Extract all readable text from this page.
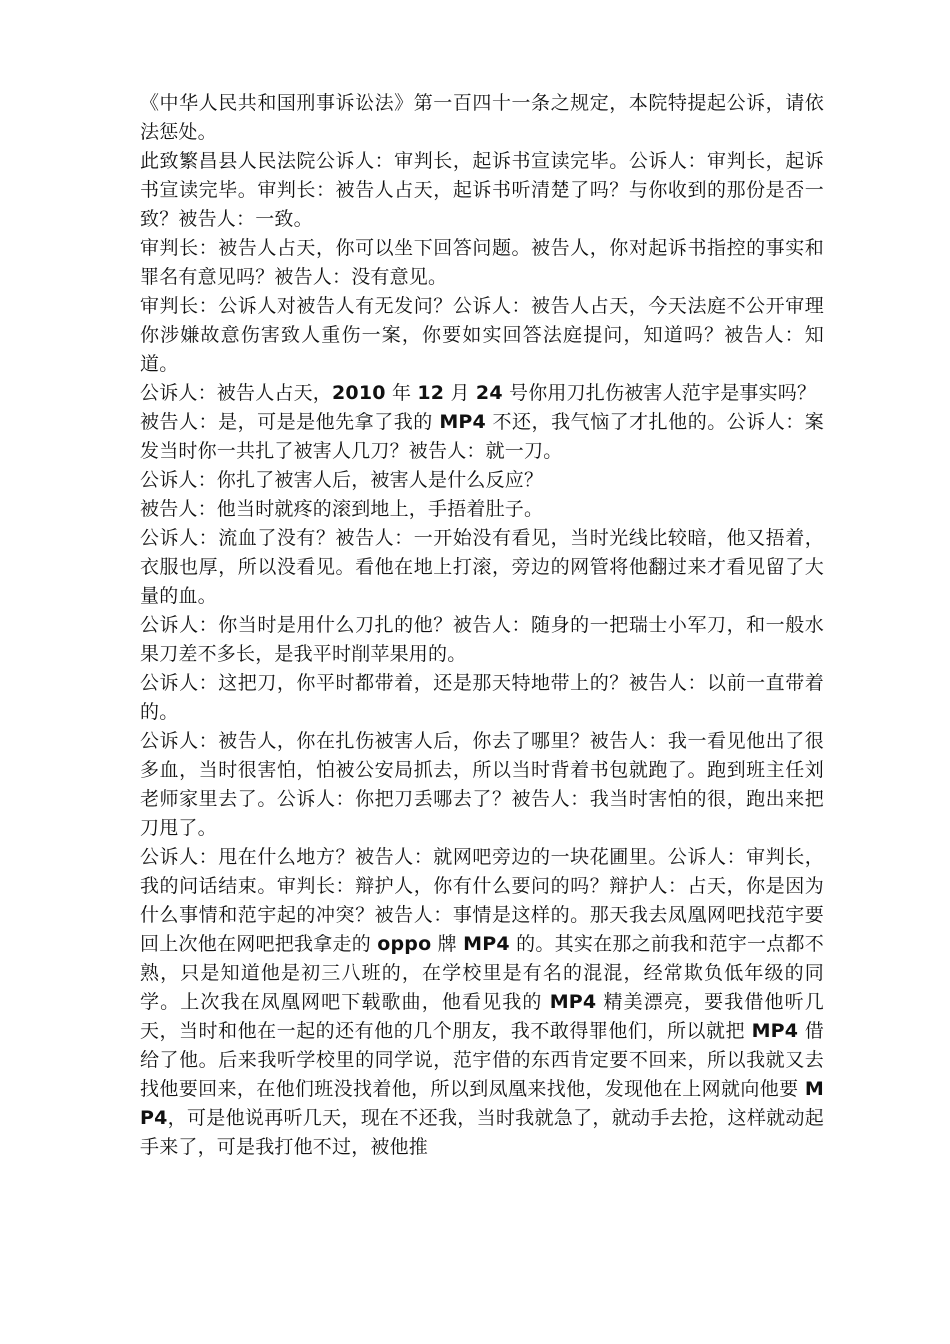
《中华人民共和国刑事诉讼法》第一百四十一条之规定，本院特提起公诉，请依法惩处。

此致繁昌县人民法院公诉人：审判长，起诉书宣读完毕。公诉人：审判长，起诉书宣读完毕。审判长：被告人占天，起诉书听清楚了吗？与你收到的那份是否一致？被告人：一致。

审判长：被告人占天，你可以坐下回答问题。被告人，你对起诉书指控的事实和罪名有意见吗？被告人：没有意见。

审判长：公诉人对被告人有无发问？公诉人：被告人占天，今天法庭不公开审理你涉嫌故意伤害致人重伤一案，你要如实回答法庭提问，知道吗？被告人：知道。

公诉人：被告人占天，2010 年 12 月 24 号你用刀扎伤被害人范宇是事实吗？

被告人：是，可是是他先拿了我的 MP4 不还，我气恼了才扎他的。公诉人：案发当时你一共扎了被害人几刀？被告人：就一刀。

公诉人：你扎了被害人后，被害人是什么反应？

被告人：他当时就疼的滚到地上，手捂着肚子。

公诉人：流血了没有？被告人：一开始没有看见，当时光线比较暗，他又捂着，衣服也厚，所以没看见。看他在地上打滚，旁边的网管将他翻过来才看见留了大量的血。

公诉人：你当时是用什么刀扎的他？被告人：随身的一把瑞士小军刀，和一般水果刀差不多长，是我平时削苹果用的。

公诉人：这把刀，你平时都带着，还是那天特地带上的？被告人：以前一直带着的。

公诉人：被告人，你在扎伤被害人后，你去了哪里？被告人：我一看见他出了很多血，当时很害怕，怕被公安局抓去，所以当时背着书包就跑了。跑到班主任刘老师家里去了。公诉人：你把刀丢哪去了？被告人：我当时害怕的很，跑出来把刀甩了。

公诉人：甩在什么地方？被告人：就网吧旁边的一块花圃里。公诉人：审判长，我的问话结束。审判长：辩护人，你有什么要问的吗？辩护人：占天，你是因为什么事情和范宇起的冲突？被告人：事情是这样的。那天我去凤凰网吧找范宇要回上次他在网吧把我拿走的 oppo 牌 MP4 的。其实在那之前我和范宇一点都不熟，只是知道他是初三八班的，在学校里是有名的混混，经常欺负低年级的同学。上次我在凤凰网吧下载歌曲，他看见我的 MP4 精美漂亮，要我借他听几天，当时和他在一起的还有他的几个朋友，我不敢得罪他们，所以就把 MP4 借给了他。后来我听学校里的同学说，范宇借的东西肯定要不回来，所以我就又去找他要回来，在他们班没找着他，所以到凤凰来找他，发现他在上网就向他要 MP4，可是他说再听几天，现在不还我，当时我就急了，就动手去抢，这样就动起手来了，可是我打他不过，被他推
